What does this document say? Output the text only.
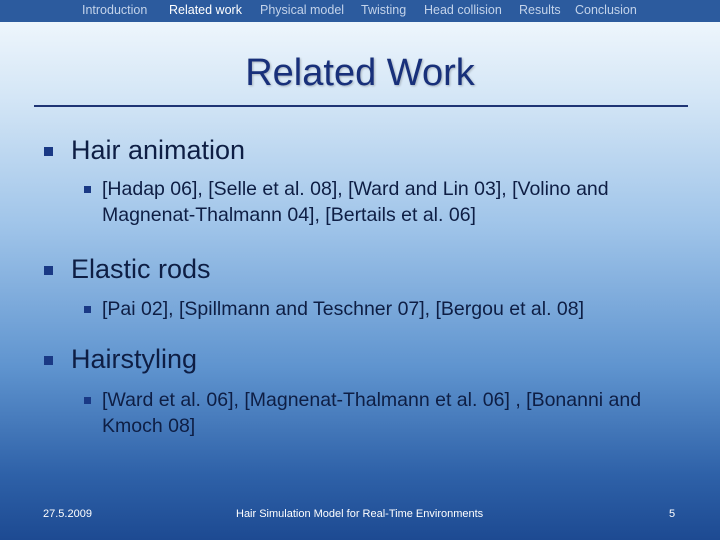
Introduction Related work Physical model Twisting Head collision Results Conclusion
Related Work
Hair animation
[Hadap 06], [Selle et al. 08], [Ward and Lin 03], [Volino and Magnenat-Thalmann 04], [Bertails et al. 06]
Elastic rods
[Pai 02], [Spillmann and Teschner 07], [Bergou et al. 08]
Hairstyling
[Ward et al. 06], [Magnenat-Thalmann et al. 06] , [Bonanni and Kmoch 08]
27.5.2009	Hair Simulation Model for Real-Time Environments	5
